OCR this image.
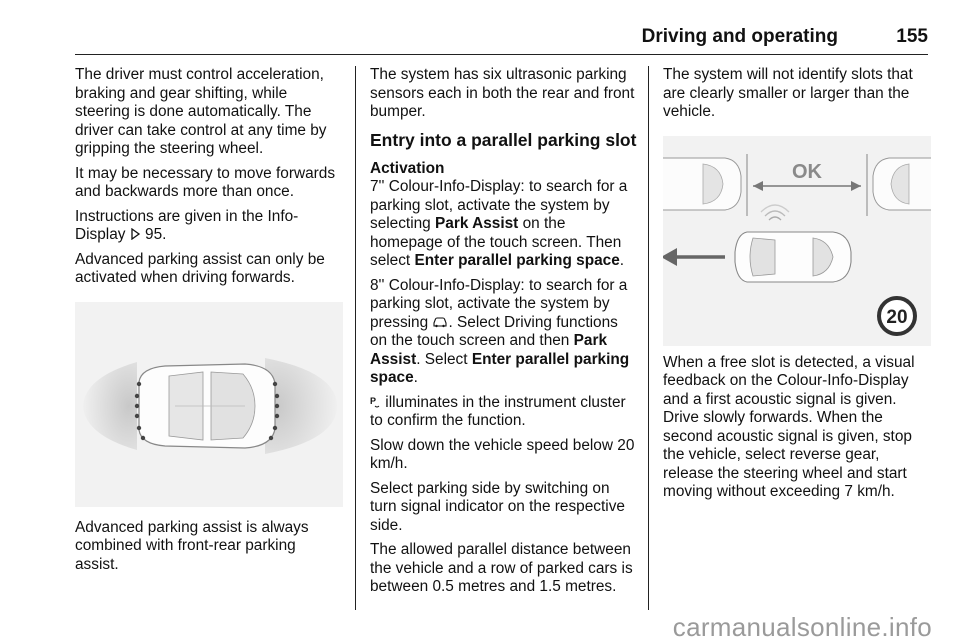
Driving and operating	155

The driver must control acceleration, braking and gear shifting, while steering is done automatically. The driver can take control at any time by gripping the steering wheel.

It may be necessary to move forwards and backwards more than once.

Instructions are given in the Info-Display  95.

Advanced parking assist can only be activated when driving forwards.

Advanced parking assist is always combined with front-rear parking assist.

The system has six ultrasonic parking sensors each in both the rear and front bumper.

Entry into a parallel parking slot
Activation

7'' Colour-Info-Display: to search for a parking slot, activate the system by selecting Park Assist on the homepage of the touch screen. Then select Enter parallel parking space.

8'' Colour-Info-Display: to search for a parking slot, activate the system by pressing . Select Driving functions on the touch screen and then Park Assist. Select Enter parallel parking space.

P illuminates in the instrument cluster to confirm the function.

Slow down the vehicle speed below 20 km/h.

Select parking side by switching on turn signal indicator on the respective side.

The allowed parallel distance between the vehicle and a row of parked cars is between 0.5 metres and 1.5 metres.

The system will not identify slots that are clearly smaller or larger than the vehicle.

OK
20

When a free slot is detected, a visual feedback on the Colour-Info-Display and a first acoustic signal is given. Drive slowly forwards. When the second acoustic signal is given, stop the vehicle, select reverse gear, release the steering wheel and start moving without exceeding 7 km/h.

carmanualsonline.info
